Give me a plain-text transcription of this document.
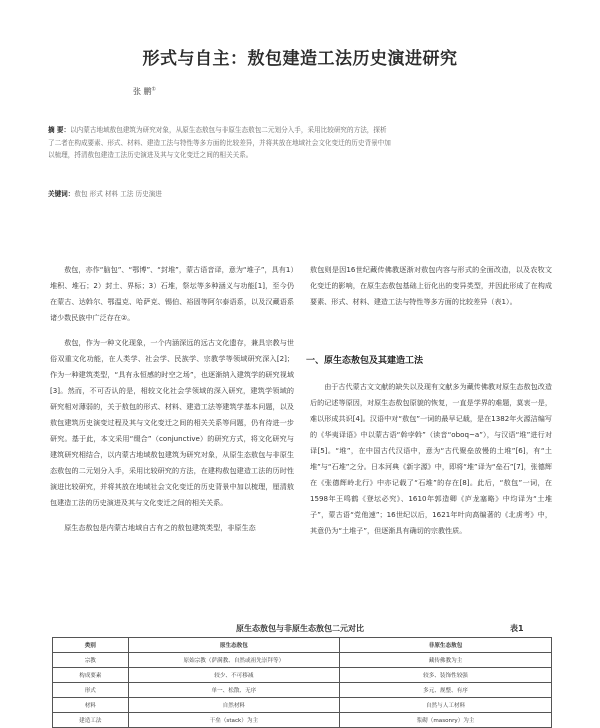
形式与自主：敖包建造工法历史演进研究
张 鹏①
摘 要：以内蒙古地域敖包建筑为研究对象，从原生态敖包与非原生态敖包二元划分入手，采用比较研究的方法，探析了二者在构成要素、形式、材料、建造工法与特性等多方面的比较差异，并将其放在地域社会文化变迁的历史背景中加以梳理，捋清敖包建造工法历史演进及其与文化变迁之间的相关关系。
关键词：敖包 形式 材料 工法 历史演进

敖包，亦作“脑包”、“鄂博”、“封堆”，蒙古语音译，意为“堆子”，具有1）堆积、堆石；2）封土、界标；3）石堆，祭坛等多种涵义与功能[1]，至今仍在蒙古、达斡尔、鄂温克、哈萨克、锡伯、裕固等阿尔泰语系，以及汉藏语系诸少数民族中广泛存在②。

敖包，作为一种文化现象，一个内涵深远的远古文化遗存，兼具宗教与世俗双重文化功能，在人类学、社会学、民族学、宗教学等领域研究深入[2]；作为一种建筑类型，“具有永恒感的时空之场”，也逐渐纳入建筑学的研究视域[3]。然而，不可否认的是，相较文化社会学领域的深入研究，建筑学领域的研究相对薄弱的，关于敖包的形式、材料、建造工法等建筑学基本问题，以及敖包建筑历史演变过程及其与文化变迁之间的相关关系等问题，仍有待进一步研究。基于此，本文采用“缀合”（conjunctive）的研究方式，将文化研究与建筑研究相结合，以内蒙古地域敖包建筑为研究对象，从原生态敖包与非原生态敖包的二元划分入手，采用比较研究的方法，在建构敖包建造工法的历时性演进比较研究，并将其放在地域社会文化变迁的历史背景中加以梳理，厘清敖包建造工法的历史演进及其与文化变迁之间的相关关系。

原生态敖包是内蒙古地域自古有之的敖包建筑类型，非原生态

敖包则是因16世纪藏传佛教逐渐对敖包内容与形式的全面改造，以及农牧文化变迁的影响，在原生态敖包基础上衍化出的变异类型，并因此形成了在构成要素、形式、材料、建造工法与特性等多方面的比较差异（表1）。

一、原生态敖包及其建造工法

由于古代蒙古文文献的缺失以及现有文献多为藏传佛教对原生态敖包改造后的记述等原因，对原生态敖包原貌的恢复，一直是学界的难题，莫衷一是，难以形成共识[4]。汉语中对“敖包”一词的最早记载，是在1382年火源洁编写的《华夷译语》中以蒙古语“斡孛斡”（读音“oboq~a”），与汉语“堆”进行对译[5]。“堆”，在中国古代汉语中，意为“古代聚垒放慢的土堆”[6]，有“土堆”与“石堆”之分。日本河典《新字源》中，即将“堆”译为“垒石”[7]，张德辉在《张德辉岭北行》中亦记载了“石堆”的存在[8]。此后，“敖包”一词，在1598年王鸣鹤《登坛必究》、1610年郭造卿《庐龙塞略》中均译为“土堆子”，蒙古语“党他速”；16世纪以后，1621年叶向高编著的《北虏考》中，其意仍为“土堆子”，但逐渐具有确切的宗教性质。

原生态敖包与非原生态敖包二元对比	表1
类别	原生态敖包	非原生态敖包
宗教	原始宗教（萨满教、自然或祖先崇拜等）	藏传佛教为主
构成要素	较少、不可移减	较多、装饰性较强
形式	单一、松散、无序	多元、规整、有序
材料	自然材料	自然与人工材料
建造工法	干垒（stack）为主	浆砌（masonry）为主
